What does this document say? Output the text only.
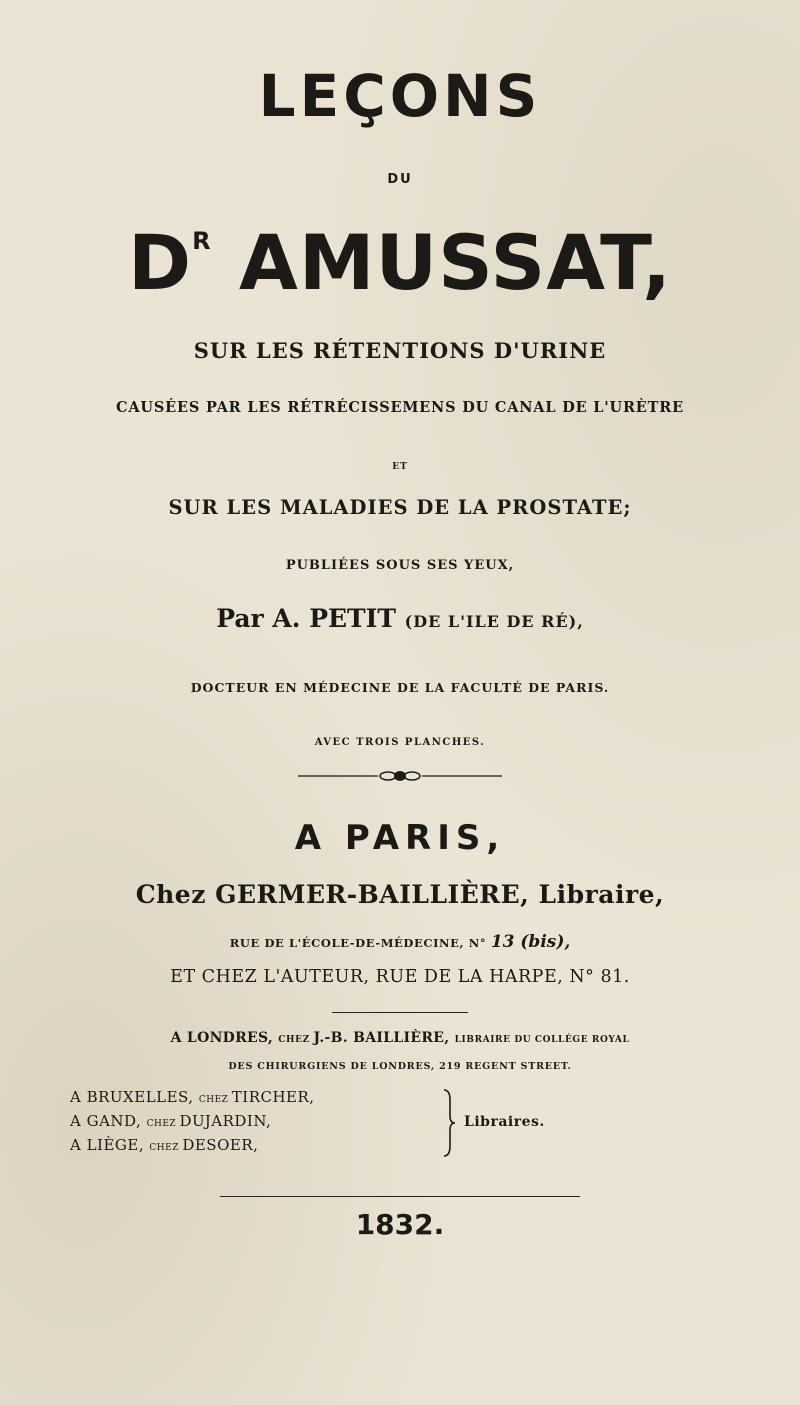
LEÇONS
DU
$D^R$ AMUSSAT,
SUR LES RÉTENTIONS D'URINE
CAUSÉES PAR LES RÉTRÉCISSEMENS DU CANAL DE L'URÈTRE
ET
SUR LES MALADIES DE LA PROSTATE;
PUBLIÉES SOUS SES YEUX,
Par A. PETIT (DE L'ILE DE RÉ),
DOCTEUR EN MÉDECINE DE LA FACULTÉ DE PARIS.
AVEC TROIS PLANCHES.
A PARIS,
Chez GERMER-BAILLIÈRE, Libraire,
RUE DE L'ÉCOLE-DE-MÉDECINE, N° 13 (bis),
ET CHEZ L'AUTEUR, RUE DE LA HARPE, N° 81.
A LONDRES, CHEZ J.-B. BAILLIÈRE, LIBRAIRE DU COLLÉGE ROYAL
DES CHIRURGIENS DE LONDRES, 219 REGENT STREET.
A BRUXELLES, CHEZ TIRCHER,
A GAND, CHEZ DUJARDIN,
A LIÈGE, CHEZ DESOER,
Libraires.
1832.
